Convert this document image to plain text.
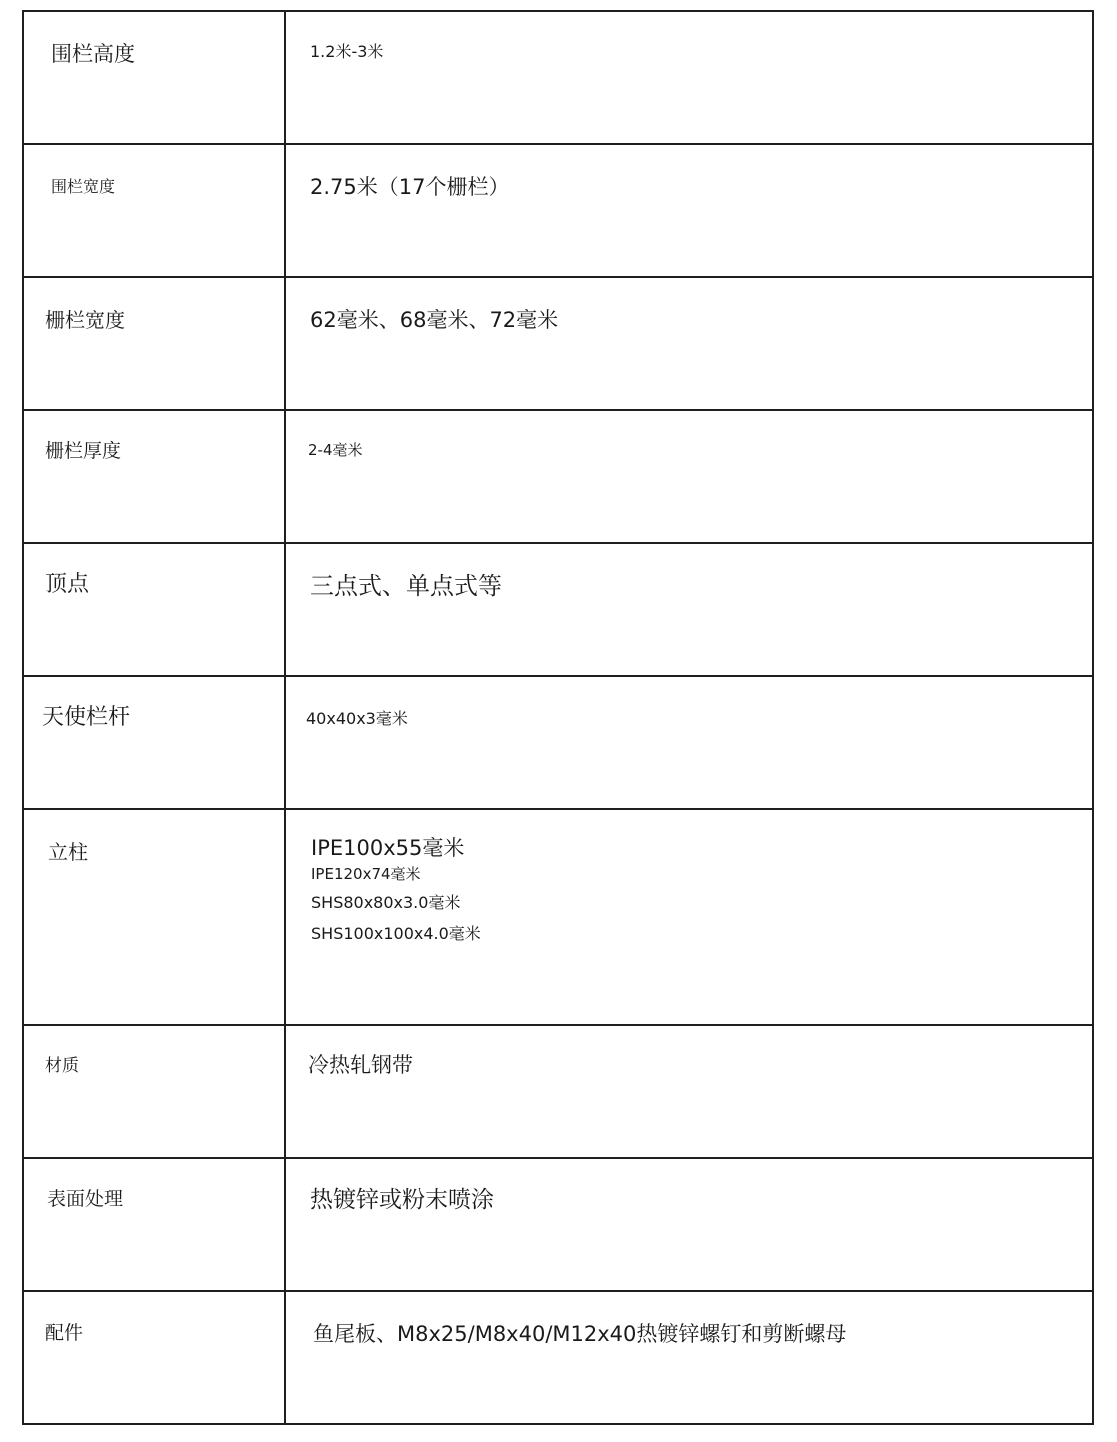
围栏高度	1.2米-3米

围栏宽度	2.75米（17个栅栏）

栅栏宽度	62毫米、68毫米、72毫米

栅栏厚度	2-4毫米

顶点	三点式、单点式等

天使栏杆	40x40x3毫米

立柱	IPE100x55毫米
IPE120x74毫米
SHS80x80x3.0毫米
SHS100x100x4.0毫米

材质	冷热轧钢带

表面处理	热镀锌或粉末喷涂

配件	鱼尾板、M8x25/M8x40/M12x40热镀锌螺钉和剪断螺母
